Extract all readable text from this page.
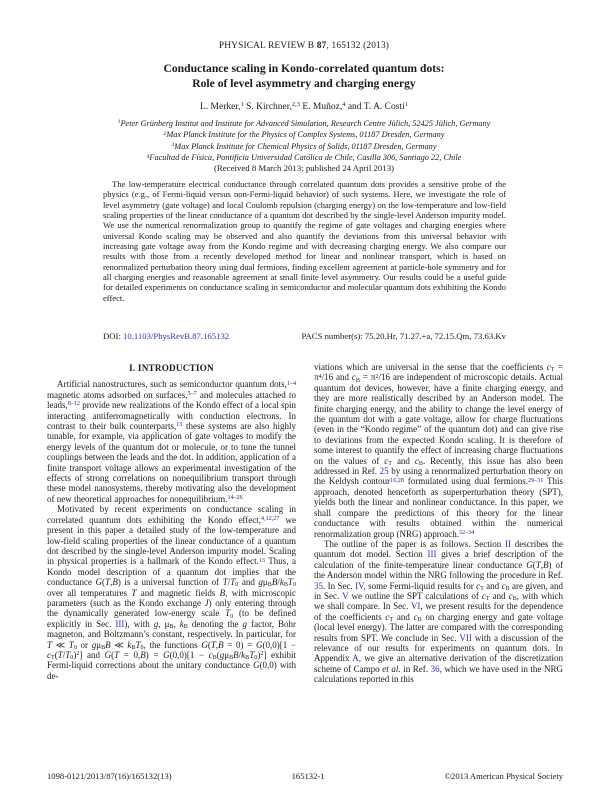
PHYSICAL REVIEW B 87, 165132 (2013)
Conductance scaling in Kondo-correlated quantum dots:
Role of level asymmetry and charging energy
L. Merker,$^1$ S. Kirchner,$^{2,3}$ E. Muñoz,$^4$ and T. A. Costi$^1$
$^1$Peter Grünberg Institut and Institute for Advanced Simulation, Research Centre Jülich, 52425 Jülich, Germany
$^2$Max Planck Institute for the Physics of Complex Systems, 01187 Dresden, Germany
$^3$Max Planck Institute for Chemical Physics of Solids, 01187 Dresden, Germany
$^4$Facultad de Física, Pontificia Universidad Católica de Chile, Casilla 306, Santiago 22, Chile
(Received 8 March 2013; published 24 April 2013)

The low-temperature electrical conductance through correlated quantum dots provides a sensitive probe of the physics (e.g., of Fermi-liquid versus non-Fermi-liquid behavior) of such systems. Here, we investigate the role of level asymmetry (gate voltage) and local Coulomb repulsion (charging energy) on the low-temperature and low-field scaling properties of the linear conductance of a quantum dot described by the single-level Anderson impurity model. We use the numerical renormalization group to quantify the regime of gate voltages and charging energies where universal Kondo scaling may be observed and also quantify the deviations from this universal behavior with increasing gate voltage away from the Kondo regime and with decreasing charging energy. We also compare our results with those from a recently developed method for linear and nonlinear transport, which is based on renormalized perturbation theory using dual fermions, finding excellent agreement at particle-hole symmetry and for all charging energies and reasonable agreement at small finite level asymmetry. Our results could be a useful guide for detailed experiments on conductance scaling in semiconductor and molecular quantum dots exhibiting the Kondo effect.

DOI: 10.1103/PhysRevB.87.165132	PACS number(s): 75.20.Hr, 71.27.+a, 72.15.Qm, 73.63.Kv
I. INTRODUCTION

Artificial nanostructures, such as semiconductor quantum dots,$^{1-4}$ magnetic atoms adsorbed on surfaces,$^{5-7}$ and molecules attached to leads,$^{8-12}$ provide new realizations of the Kondo effect of a local spin interacting antiferromagnetically with conduction electrons. In contrast to their bulk counterparts,$^{13}$ these systems are also highly tunable, for example, via application of gate voltages to modify the energy levels of the quantum dot or molecule, or to tune the tunnel couplings between the leads and the dot. In addition, application of a finite transport voltage allows an experimental investigation of the effects of strong correlations on nonequilibrium transport through these model nanosystems, thereby motivating also the development of new theoretical approaches for nonequilibrium.$^{14-26}$

Motivated by recent experiments on conductance scaling in correlated quantum dots exhibiting the Kondo effect,$^{4,12,27}$ we present in this paper a detailed study of the low-temperature and low-field scaling properties of the linear conductance of a quantum dot described by the single-level Anderson impurity model. Scaling in physical properties is a hallmark of the Kondo effect.$^{13}$ Thus, a Kondo model description of a quantum dot implies that the conductance G(T,B) is a universal function of $T/T_0$ and $g\mu_BB/k_BT_0$ over all temperatures T and magnetic fields B, with microscopic parameters (such as the Kondo exchange J) only entering through the dynamically generated low-energy scale $T_0$ (to be defined explicitly in Sec. III), with g, $\mu_B$, $k_B$ denoting the g factor, Bohr magneton, and Boltzmann’s constant, respectively. In particular, for T ≪ $T_0$ or $g\mu_BB$ ≪ $k_BT_0$, the functions $G(T,B = 0) = G(0,0)[1 - c_T(T/T_0)^2]$ and $G(T = 0,B) = G(0,0)[1 - c_B(g\mu_BB/k_BT_0)^2]$ exhibit Fermi-liquid corrections about the unitary conductance G(0,0) with de-

viations which are universal in the sense that the coefficients $c_T = \pi^4/16$ and $c_B = \pi^2/16$ are independent of microscopic details. Actual quantum dot devices, however, have a finite charging energy, and they are more realistically described by an Anderson model. The finite charging energy, and the ability to change the level energy of the quantum dot with a gate voltage, allow for charge fluctuations (even in the “Kondo regime” of the quantum dot) and can give rise to deviations from the expected Kondo scaling. It is therefore of some interest to quantify the effect of increasing charge fluctuations on the values of $c_T$ and $c_B$. Recently, this issue has also been addressed in Ref. 25 by using a renormalized perturbation theory on the Keldysh contour$^{16,28}$ formulated using dual fermions.$^{29-31}$ This approach, denoted henceforth as superperturbation theory (SPT), yields both the linear and nonlinear conductance. In this paper, we shall compare the predictions of this theory for the linear conductance with results obtained within the numerical renormalization group (NRG) approach.$^{32-34}$

The outline of the paper is as follows. Section II describes the quantum dot model. Section III gives a brief description of the calculation of the finite-temperature linear conductance G(T,B) of the Anderson model within the NRG following the procedure in Ref. 35. In Sec. IV, some Fermi-liquid results for $c_T$ and $c_B$ are given, and in Sec. V we outline the SPT calculations of $c_T$ and $c_B$, with which we shall compare. In Sec. VI, we present results for the dependence of the coefficients $c_T$ and $c_B$ on charging energy and gate voltage (local level energy). The latter are compared with the corresponding results from SPT. We conclude in Sec. VII with a discussion of the relevance of our results for experiments on quantum dots. In Appendix A, we give an alternative derivation of the discretization scheme of Campo et al. in Ref. 36, which we have used in the NRG calculations reported in this

1098-0121/2013/87(16)/165132(13)	165132-1	©2013 American Physical Society
